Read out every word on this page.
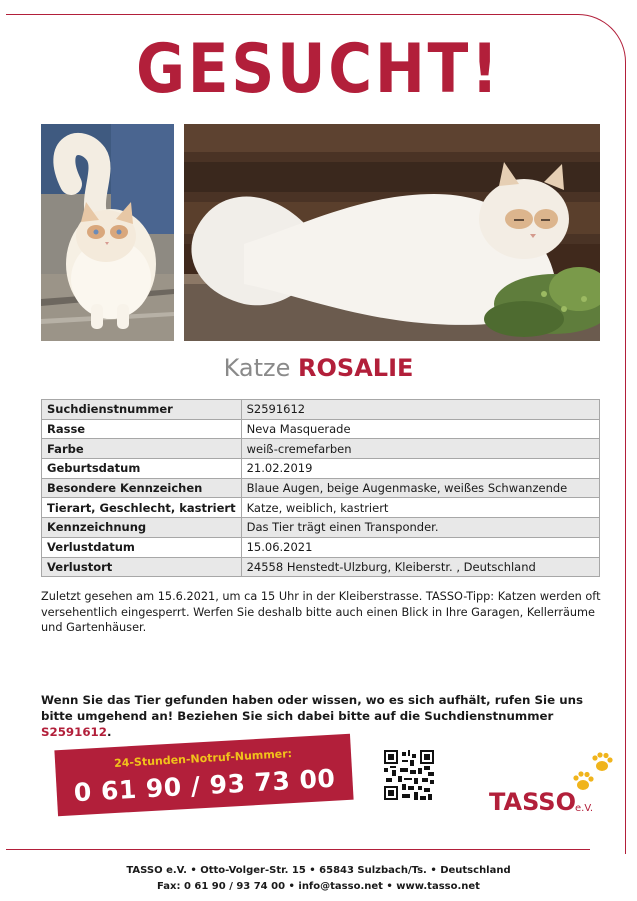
GESUCHT!
Katze ROSALIE
Suchdienstnummer	S2591612
Rasse	Neva Masquerade
Farbe	weiß-cremefarben
Geburtsdatum	21.02.2019
Besondere Kennzeichen	Blaue Augen, beige Augenmaske, weißes Schwanzende
Tierart, Geschlecht, kastriert	Katze, weiblich, kastriert
Kennzeichnung	Das Tier trägt einen Transponder.
Verlustdatum	15.06.2021
Verlustort	24558 Henstedt-Ulzburg, Kleiberstr. , Deutschland

Zuletzt gesehen am 15.6.2021, um ca 15 Uhr in der Kleiberstrasse. TASSO-Tipp: Katzen werden oft versehentlich eingesperrt. Werfen Sie deshalb bitte auch einen Blick in Ihre Garagen, Kellerräume und Gartenhäuser.

Wenn Sie das Tier gefunden haben oder wissen, wo es sich aufhält, rufen Sie uns bitte umgehend an! Beziehen Sie sich dabei bitte auf die Suchdienstnummer S2591612.

24-Stunden-Notruf-Nummer:
0 61 90 / 93 73 00	TASSO e.V.
TASSO e.V. • Otto-Volger-Str. 15 • 65843 Sulzbach/Ts. • Deutschland
Fax: 0 61 90 / 93 74 00 • info@tasso.net • www.tasso.net
